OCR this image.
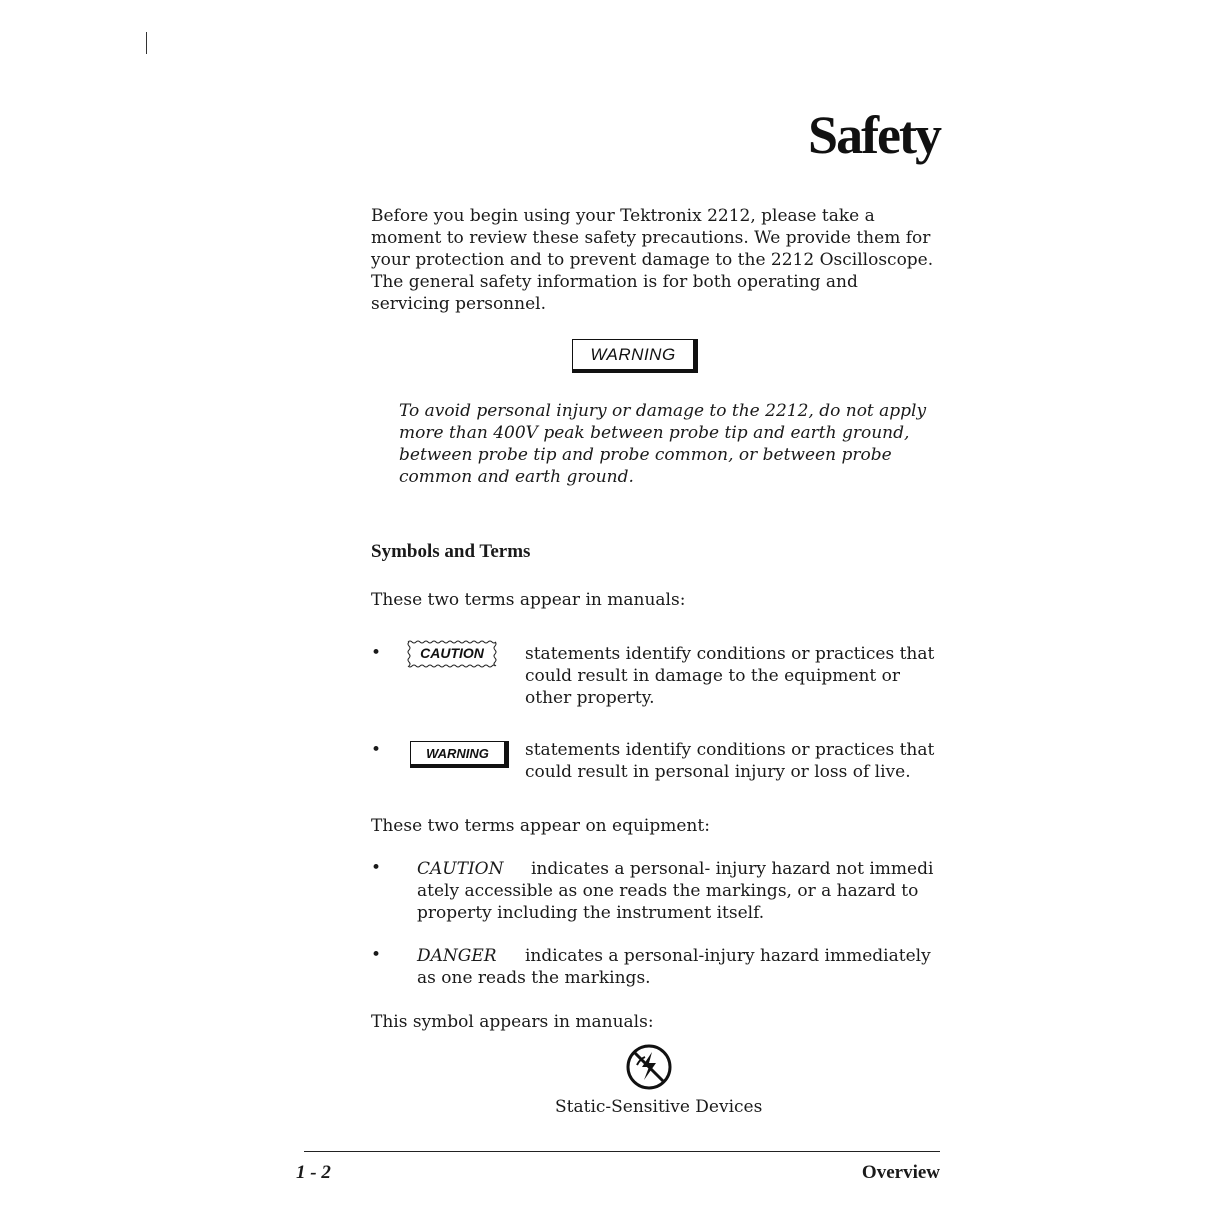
Safety
Before you begin using your Tektronix 2212, please take a moment to review these safety precautions. We provide them for your protection and to prevent damage to the 2212 Oscilloscope. The general safety information is for both operating and servicing personnel.
WARNING
To avoid personal injury or damage to the 2212, do not apply more than 400V peak between probe tip and earth ground, between probe tip and probe common, or between probe common and earth ground.
Symbols and Terms
These two terms appear in manuals:
•	CAUTION	statements identify conditions or practices that could result in damage to the equipment or other property.
•	WARNING	statements identify conditions or practices that could result in personal injury or loss of live.
These two terms appear on equipment:
• CAUTION indicates a personal- injury hazard not immedi ately accessible as one reads the markings, or a hazard to property including the instrument itself.
• DANGER indicates a personal-injury hazard immediately as one reads the markings.
This symbol appears in manuals:
Static-Sensitive Devices
1 - 2	Overview
